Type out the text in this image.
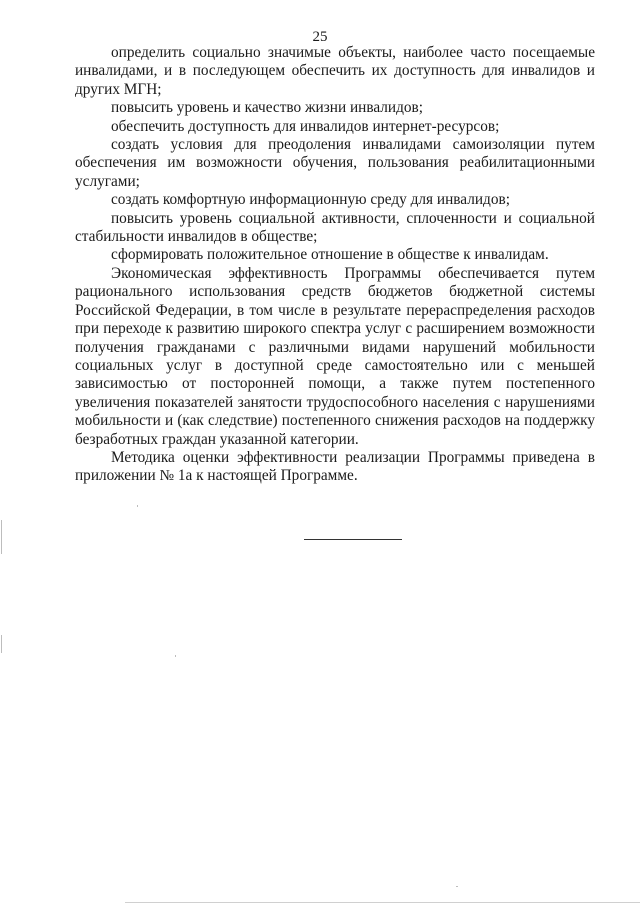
25

определить социально значимые объекты, наиболее часто посещаемые инвалидами, и в последующем обеспечить их доступность для инвалидов и других МГН;

повысить уровень и качество жизни инвалидов;

обеспечить доступность для инвалидов интернет-ресурсов;

создать условия для преодоления инвалидами самоизоляции путем обеспечения им возможности обучения, пользования реабилитационными услугами;

создать комфортную информационную среду для инвалидов;

повысить уровень социальной активности, сплоченности и социальной стабильности инвалидов в обществе;

сформировать положительное отношение в обществе к инвалидам.

Экономическая эффективность Программы обеспечивается путем рационального использования средств бюджетов бюджетной системы Российской Федерации, в том числе в результате перераспределения расходов при переходе к развитию широкого спектра услуг с расширением возможности получения гражданами с различными видами нарушений мобильности социальных услуг в доступной среде самостоятельно или с меньшей зависимостью от посторонней помощи, а также путем постепенного увеличения показателей занятости трудоспособного населения с нарушениями мобильности и (как следствие) постепенного снижения расходов на поддержку безработных граждан указанной категории.

Методика оценки эффективности реализации Программы приведена в приложении № 1а к настоящей Программе.
